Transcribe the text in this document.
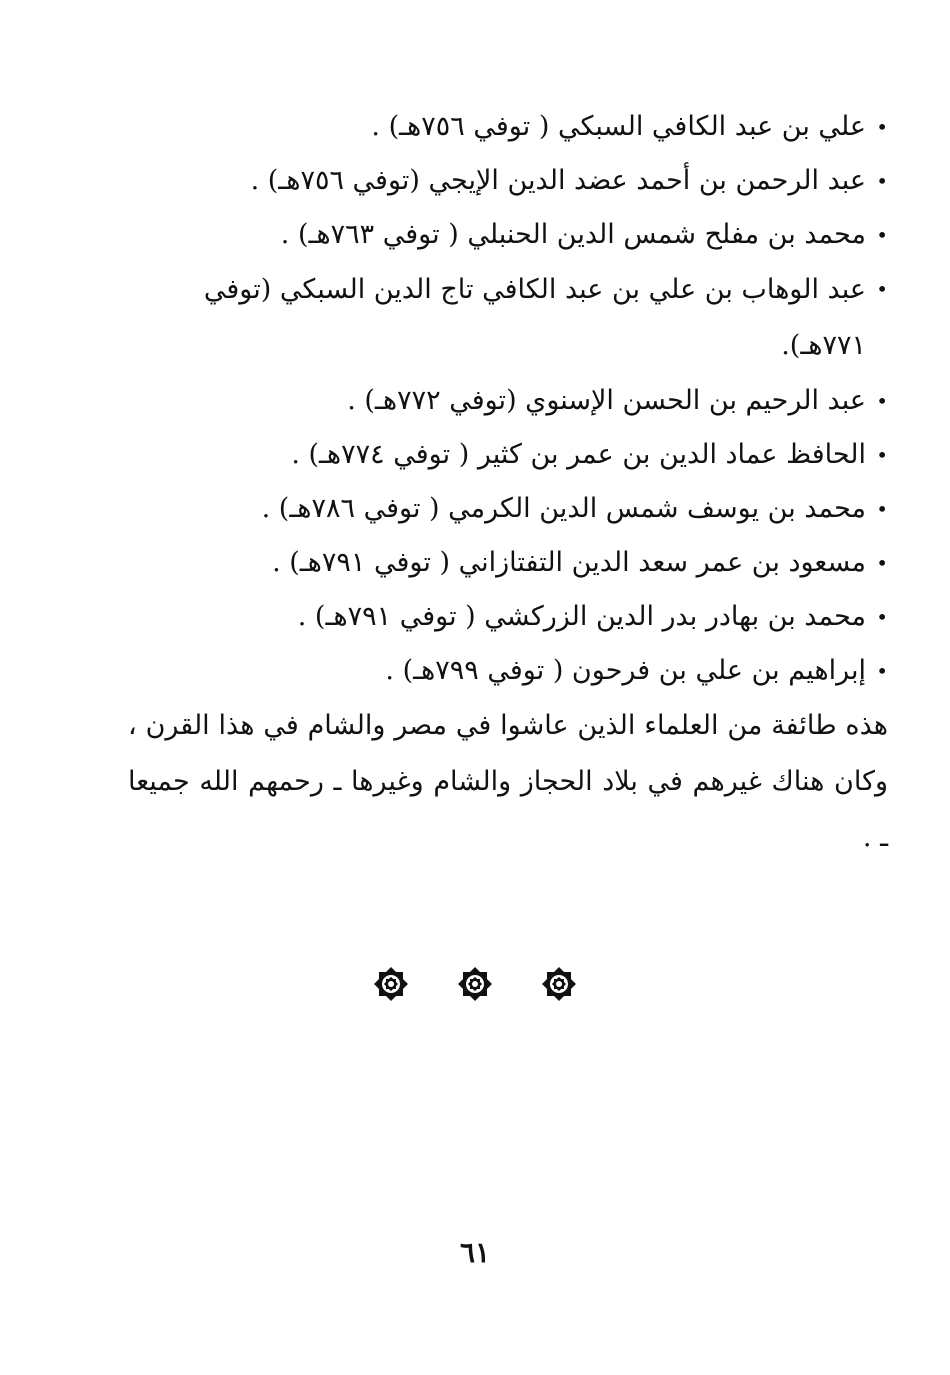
•
علي بن عبد الكافي السبكي ( توفي ٧٥٦هـ) .
•
عبد الرحمن بن أحمد عضد الدين الإيجي (توفي ٧٥٦هـ) .
•
محمد بن مفلح شمس الدين الحنبلي ( توفي ٧٦٣هـ) .
•
عبد الوهاب بن علي بن عبد الكافي تاج الدين السبكي (توفي ٧٧١هـ).
•
عبد الرحيم بن الحسن الإسنوي (توفي ٧٧٢هـ) .
•
الحافظ عماد الدين بن عمر بن كثير ( توفي ٧٧٤هـ) .
•
محمد بن يوسف شمس الدين الكرمي ( توفي ٧٨٦هـ) .
•
مسعود بن عمر سعد الدين التفتازاني ( توفي ٧٩١هـ) .
•
محمد بن بهادر بدر الدين الزركشي ( توفي ٧٩١هـ) .
•
إبراهيم بن علي بن فرحون ( توفي ٧٩٩هـ) .

هذه طائفة من العلماء الذين عاشوا في مصر والشام في هذا القرن ، وكان هناك غيرهم في بلاد الحجاز والشام وغيرها ـ رحمهم الله جميعا ـ .

٦١
